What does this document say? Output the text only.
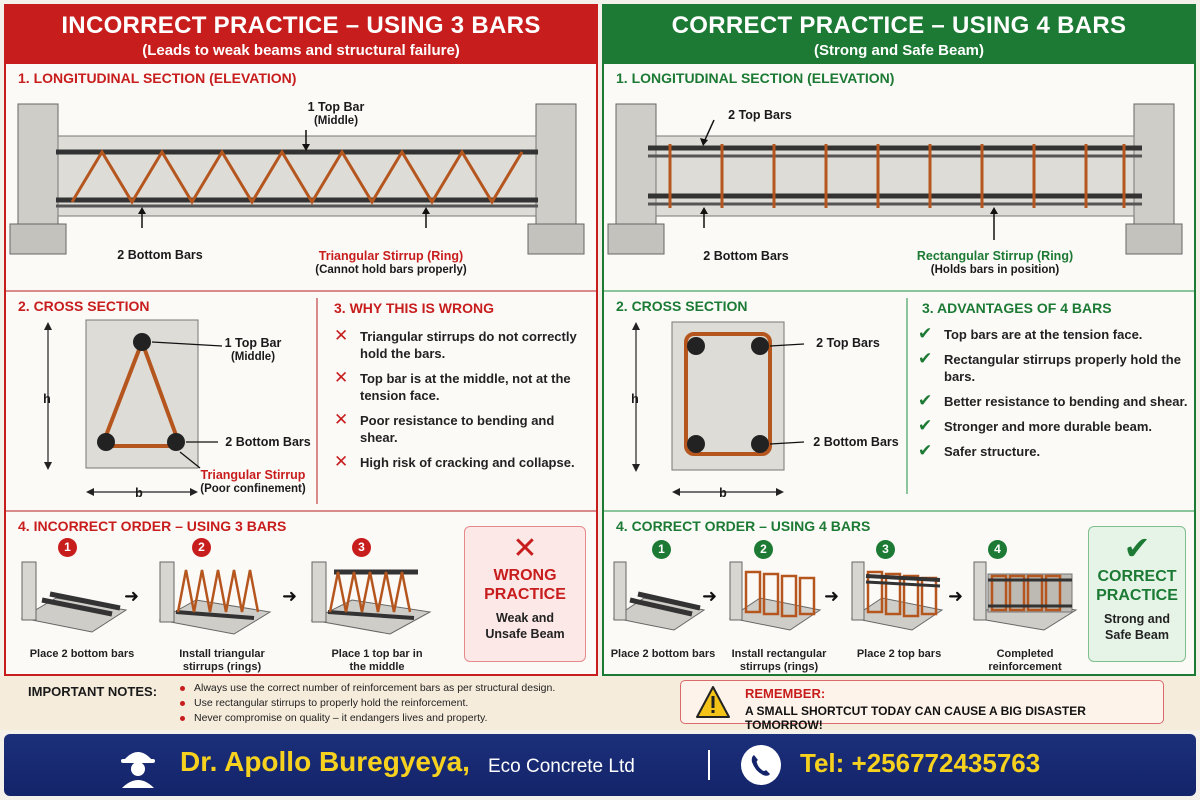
INCORRECT PRACTICE – USING 3 BARS
(Leads to weak beams and structural failure)
1. LONGITUDINAL SECTION (ELEVATION)
1 Top Bar
(Middle)
2 Bottom Bars	Triangular Stirrup (Ring)
(Cannot hold bars properly)
2. CROSS SECTION
h
b
1 Top Bar
(Middle)
2 Bottom Bars
Triangular Stirrup
(Poor confinement)
3. WHY THIS IS WRONG
✕ Triangular stirrups do not correctly hold the bars.
✕ Top bar is at the middle, not at the tension face.
✕ Poor resistance to bending and shear.
✕ High risk of cracking and collapse.
4. INCORRECT ORDER – USING 3 BARS
1
Place 2 bottom bars
➜
2
Install triangular stirrups (rings)
➜
3
Place 1 top bar in the middle
✕
WRONG
PRACTICE
Weak and
Unsafe Beam
CORRECT PRACTICE – USING 4 BARS
(Strong and Safe Beam)
1. LONGITUDINAL SECTION (ELEVATION)
2 Top Bars
2 Bottom Bars	Rectangular Stirrup (Ring)
(Holds bars in position)
2. CROSS SECTION
h
b
2 Top Bars
2 Bottom Bars
3. ADVANTAGES OF 4 BARS
✔ Top bars are at the tension face.
✔ Rectangular stirrups properly hold the bars.
✔ Better resistance to bending and shear.
✔ Stronger and more durable beam.
✔ Safer structure.
4. CORRECT ORDER – USING 4 BARS
1
Place 2 bottom bars
➜
2
Install rectangular stirrups (rings)
➜
3
Place 2 top bars
➜
4
Completed reinforcement
✔
CORRECT
PRACTICE
Strong and
Safe Beam
IMPORTANT NOTES:	Always use the correct number of reinforcement bars as per structural design.
Use rectangular stirrups to properly hold the reinforcement.
Never compromise on quality – it endangers lives and property.
REMEMBER:
A SMALL SHORTCUT TODAY CAN CAUSE A BIG DISASTER TOMORROW!
Dr. Apollo Buregyeya, Eco Concrete Ltd	Tel: +256772435763
